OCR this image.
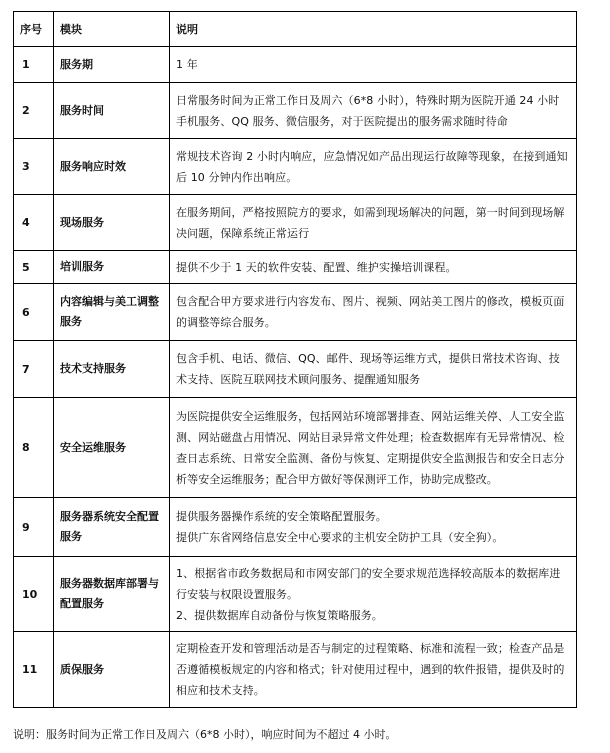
序号	模块	说明
1	服务期	1 年
2	服务时间	日常服务时间为正常工作日及周六（6*8 小时），特殊时期为医院开通 24 小时手机服务、QQ 服务、微信服务，对于医院提出的服务需求随时待命
3	服务响应时效	常规技术咨询 2 小时内响应，应急情况如产品出现运行故障等现象，在接到通知后 10 分钟内作出响应。
4	现场服务	在服务期间，严格按照院方的要求，如需到现场解决的问题，第一时间到现场解决问题，保障系统正常运行
5	培训服务	提供不少于 1 天的软件安装、配置、维护实操培训课程。
6	内容编辑与美工调整服务	包含配合甲方要求进行内容发布、图片、视频、网站美工图片的修改，模板页面的调整等综合服务。
7	技术支持服务	包含手机、电话、微信、QQ、邮件、现场等运维方式，提供日常技术咨询、技术支持、医院互联网技术顾问服务、提醒通知服务
8	安全运维服务	为医院提供安全运维服务，包括网站环境部署排查、网站运维关停、人工安全监测、网站磁盘占用情况、网站目录异常文件处理；检查数据库有无异常情况、检查日志系统、日常安全监测、备份与恢复、定期提供安全监测报告和安全日志分析等安全运维服务；配合甲方做好等保测评工作，协助完成整改。
9	服务器系统安全配置服务	提供服务器操作系统的安全策略配置服务。
提供广东省网络信息安全中心要求的主机安全防护工具（安全狗）。

10	服务器数据库部署与配置服务	1、根据省市政务数据局和市网安部门的安全要求规范选择较高版本的数据库进行安装与权限设置服务。
2、提供数据库自动备份与恢复策略服务。

11	质保服务	定期检查开发和管理活动是否与制定的过程策略、标准和流程一致；检查产品是否遵循模板规定的内容和格式；针对使用过程中，遇到的软件报错，提供及时的相应和技术支持。
说明：服务时间为正常工作日及周六（6*8 小时），响应时间为不超过 4 小时。
